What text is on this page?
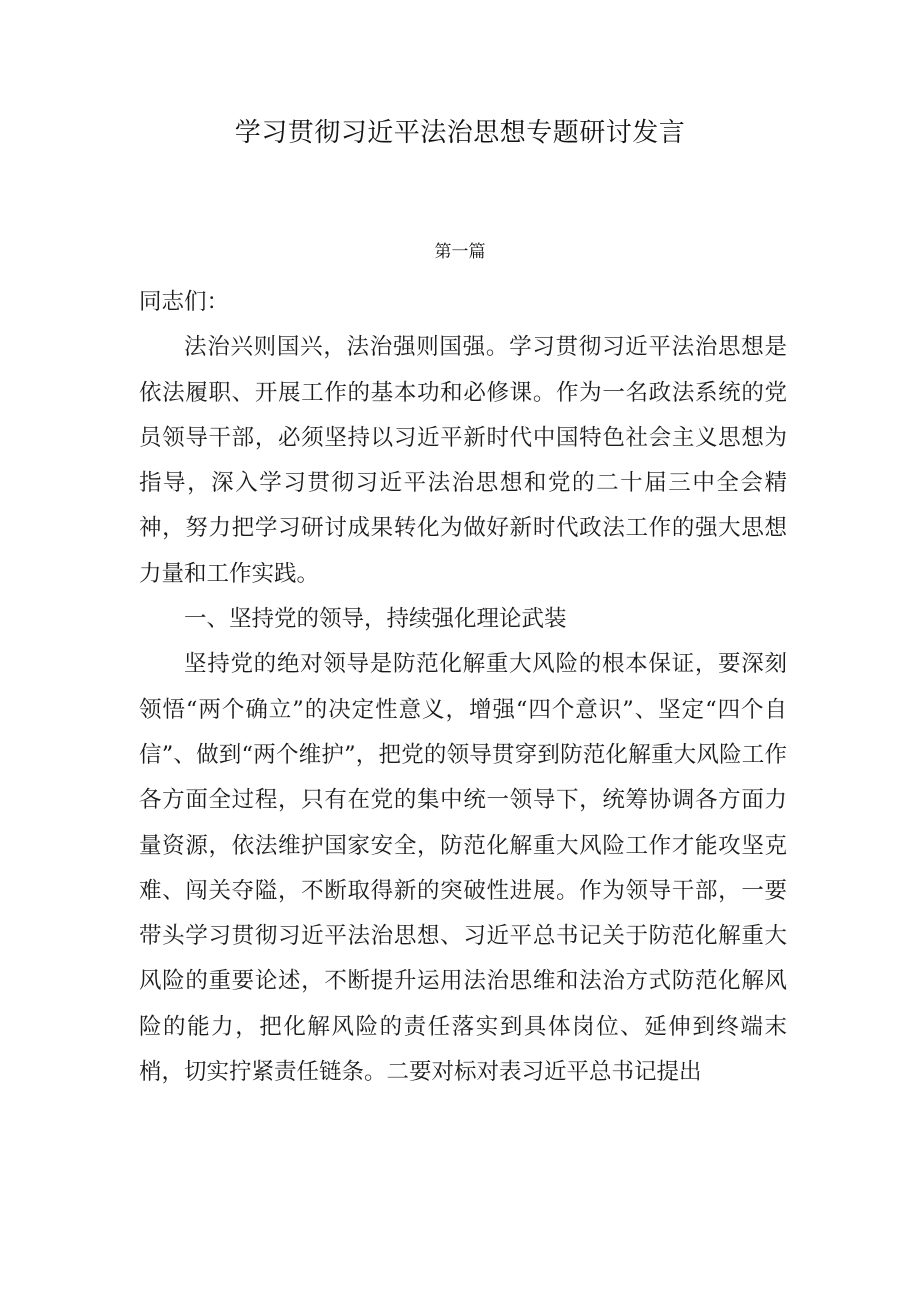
学习贯彻习近平法治思想专题研讨发言
第一篇

同志们：

法治兴则国兴，法治强则国强。学习贯彻习近平法治思想是依法履职、开展工作的基本功和必修课。作为一名政法系统的党员领导干部，必须坚持以习近平新时代中国特色社会主义思想为指导，深入学习贯彻习近平法治思想和党的二十届三中全会精神，努力把学习研讨成果转化为做好新时代政法工作的强大思想力量和工作实践。

一、坚持党的领导，持续强化理论武装

坚持党的绝对领导是防范化解重大风险的根本保证，要深刻领悟“两个确立”的决定性意义，增强“四个意识”、坚定“四个自信”、做到“两个维护”，把党的领导贯穿到防范化解重大风险工作各方面全过程，只有在党的集中统一领导下，统筹协调各方面力量资源，依法维护国家安全，防范化解重大风险工作才能攻坚克难、闯关夺隘，不断取得新的突破性进展。作为领导干部，一要带头学习贯彻习近平法治思想、习近平总书记关于防范化解重大风险的重要论述，不断提升运用法治思维和法治方式防范化解风险的能力，把化解风险的责任落实到具体岗位、延伸到终端末梢，切实拧紧责任链条。二要对标对表习近平总书记提出
